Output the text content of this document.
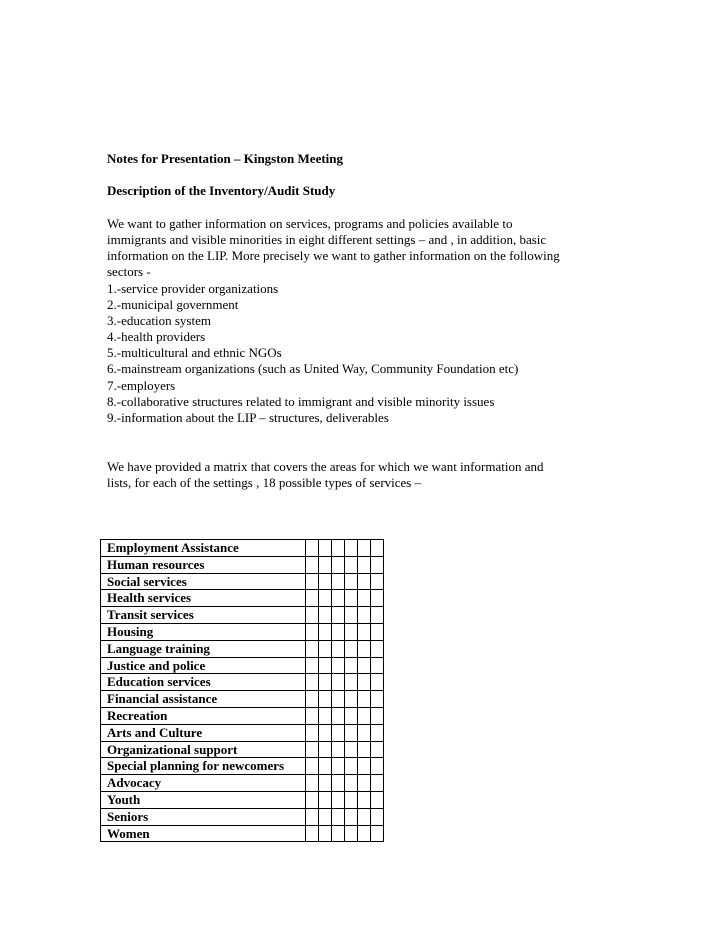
Notes for Presentation – Kingston Meeting
Description of the Inventory/Audit Study
We want to gather information on services, programs and policies available to
immigrants and visible minorities in eight different settings – and , in addition, basic
information on the LIP. More precisely we want to gather information on the following
sectors -
1.-service provider organizations
2.-municipal government
3.-education system
4.-health providers
5.-multicultural and ethnic NGOs
6.-mainstream organizations (such as United Way, Community Foundation etc)
7.-employers
8.-collaborative structures related to immigrant and visible minority issues
9.-information about the LIP – structures, deliverables
We have provided a matrix that covers the areas for which we want information and
lists, for each of the settings , 18 possible types of services –
Employment Assistance						
Human resources						
Social services						
Health services						
Transit services						
Housing						
Language training						
Justice and police						
Education services						
Financial assistance						
Recreation						
Arts and Culture						
Organizational support						
Special planning for newcomers						
Advocacy						
Youth						
Seniors						
Women						
